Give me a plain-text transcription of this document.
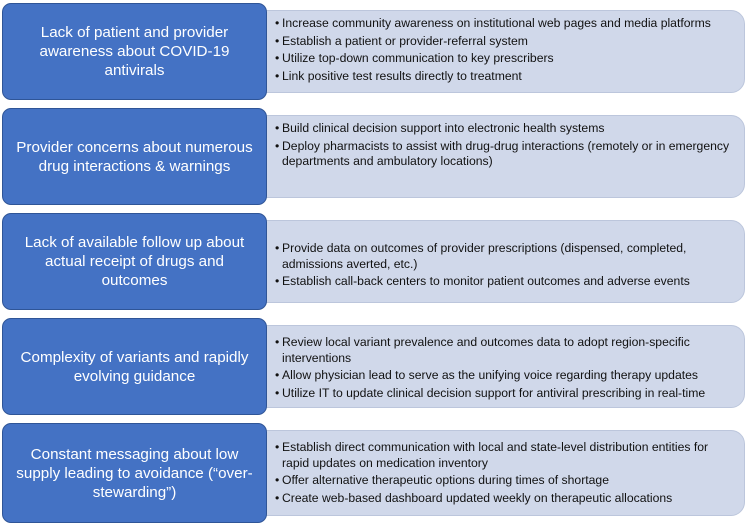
• Increase community awareness on institutional web pages and media platforms
• Establish a patient or provider-referral system
• Utilize top-down communication to key prescribers
• Link positive test results directly to treatment
Lack of patient and provider awareness about COVID-19 antivirals
• Build clinical decision support into electronic health systems
• Deploy pharmacists to assist with drug-drug interactions (remotely or in emergency departments and ambulatory locations)
Provider concerns about numerous drug interactions & warnings
• Provide data on outcomes of provider prescriptions (dispensed, completed, admissions averted, etc.)
• Establish call-back centers to monitor patient outcomes and adverse events
Lack of available follow up about actual receipt of drugs and outcomes
• Review local variant prevalence and outcomes data to adopt region-specific interventions
• Allow physician lead to serve as the unifying voice regarding therapy updates
• Utilize IT to update clinical decision support for antiviral prescribing in real-time
Complexity of variants and rapidly evolving guidance
• Establish direct communication with local and state-level distribution entities for rapid updates on medication inventory
• Offer alternative therapeutic options during times of shortage
• Create web-based dashboard updated weekly on therapeutic allocations
Constant messaging about low supply leading to avoidance (“over-stewarding”)
